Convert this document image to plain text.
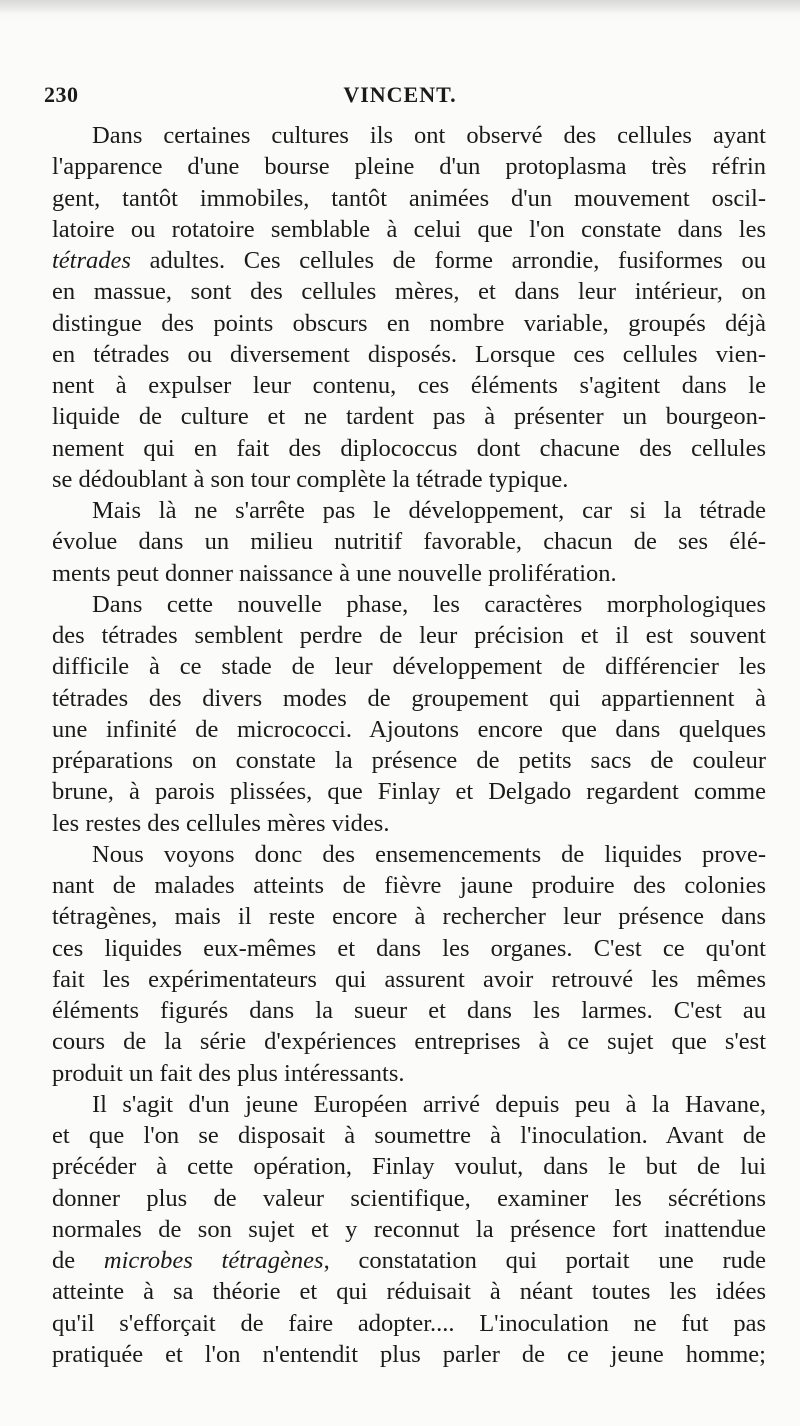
230	VINCENT.
Dans certaines cultures ils ont observé des cellules ayant
l'apparence d'une bourse pleine d'un protoplasma très réfrin
gent, tantôt immobiles, tantôt animées d'un mouvement oscil-
latoire ou rotatoire semblable à celui que l'on constate dans les
tétrades adultes. Ces cellules de forme arrondie, fusiformes ou
en massue, sont des cellules mères, et dans leur intérieur, on
distingue des points obscurs en nombre variable, groupés déjà
en tétrades ou diversement disposés. Lorsque ces cellules vien-
nent à expulser leur contenu, ces éléments s'agitent dans le
liquide de culture et ne tardent pas à présenter un bourgeon-
nement qui en fait des diplococcus dont chacune des cellules
se dédoublant à son tour complète la tétrade typique.
Mais là ne s'arrête pas le développement, car si la tétrade
évolue dans un milieu nutritif favorable, chacun de ses élé-
ments peut donner naissance à une nouvelle prolifération.
Dans cette nouvelle phase, les caractères morphologiques
des tétrades semblent perdre de leur précision et il est souvent
difficile à ce stade de leur développement de différencier les
tétrades des divers modes de groupement qui appartiennent à
une infinité de micrococci. Ajoutons encore que dans quelques
préparations on constate la présence de petits sacs de couleur
brune, à parois plissées, que Finlay et Delgado regardent comme
les restes des cellules mères vides.
Nous voyons donc des ensemencements de liquides prove-
nant de malades atteints de fièvre jaune produire des colonies
tétragènes, mais il reste encore à rechercher leur présence dans
ces liquides eux-mêmes et dans les organes. C'est ce qu'ont
fait les expérimentateurs qui assurent avoir retrouvé les mêmes
éléments figurés dans la sueur et dans les larmes. C'est au
cours de la série d'expériences entreprises à ce sujet que s'est
produit un fait des plus intéressants.
Il s'agit d'un jeune Européen arrivé depuis peu à la Havane,
et que l'on se disposait à soumettre à l'inoculation. Avant de
précéder à cette opération, Finlay voulut, dans le but de lui
donner plus de valeur scientifique, examiner les sécrétions
normales de son sujet et y reconnut la présence fort inattendue
de microbes tétragènes, constatation qui portait une rude
atteinte à sa théorie et qui réduisait à néant toutes les idées
qu'il s'efforçait de faire adopter.... L'inoculation ne fut pas
pratiquée et l'on n'entendit plus parler de ce jeune homme;
